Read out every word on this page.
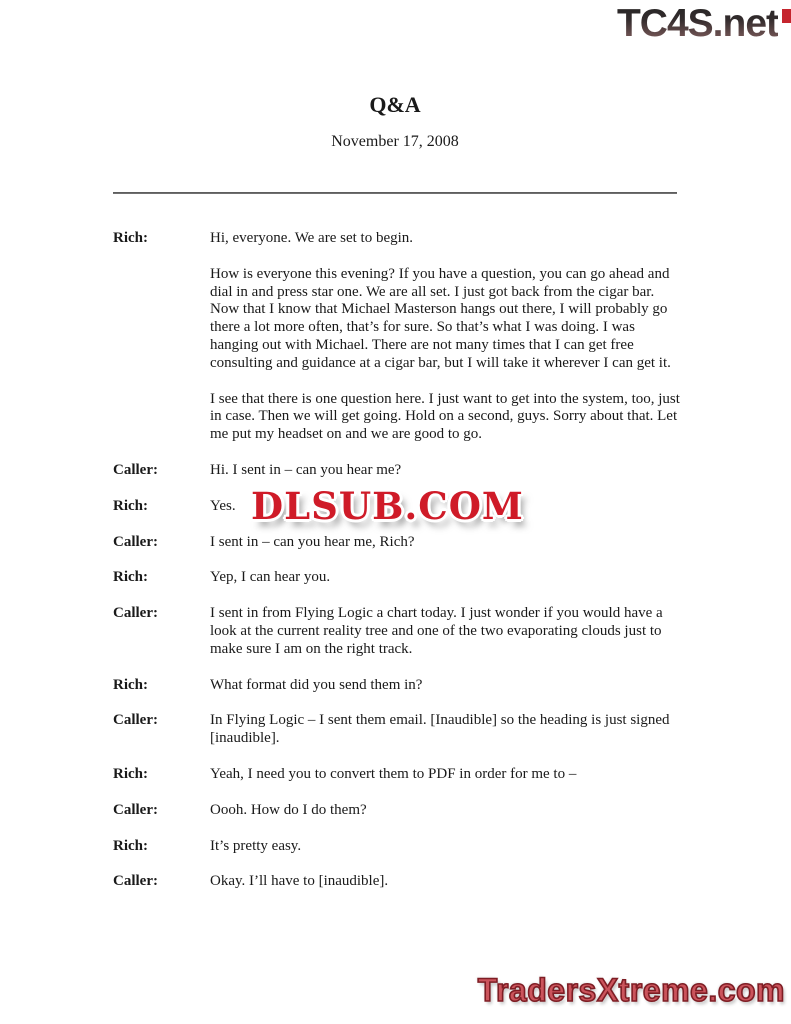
TC4S.net
Q&A
November 17, 2008
Rich:	Hi, everyone. We are set to begin.

How is everyone this evening? If you have a question, you can go ahead and dial in and press star one. We are all set. I just got back from the cigar bar. Now that I know that Michael Masterson hangs out there, I will probably go there a lot more often, that’s for sure. So that’s what I was doing. I was hanging out with Michael. There are not many times that I can get free consulting and guidance at a cigar bar, but I will take it wherever I can get it.

I see that there is one question here. I just want to get into the system, too, just in case. Then we will get going. Hold on a second, guys. Sorry about that. Let me put my headset on and we are good to go.

Caller:	Hi. I sent in – can you hear me?

Rich:	Yes.

Caller:	I sent in – can you hear me, Rich?

Rich:	Yep, I can hear you.

Caller:	I sent in from Flying Logic a chart today. I just wonder if you would have a look at the current reality tree and one of the two evaporating clouds just to make sure I am on the right track.

Rich:	What format did you send them in?

Caller:	In Flying Logic – I sent them email. [Inaudible] so the heading is just signed [inaudible].

Rich:	Yeah, I need you to convert them to PDF in order for me to –

Caller:	Oooh. How do I do them?

Rich:	It’s pretty easy.

Caller:	Okay. I’ll have to [inaudible].

DLSUB.COM
TradersXtreme.com
